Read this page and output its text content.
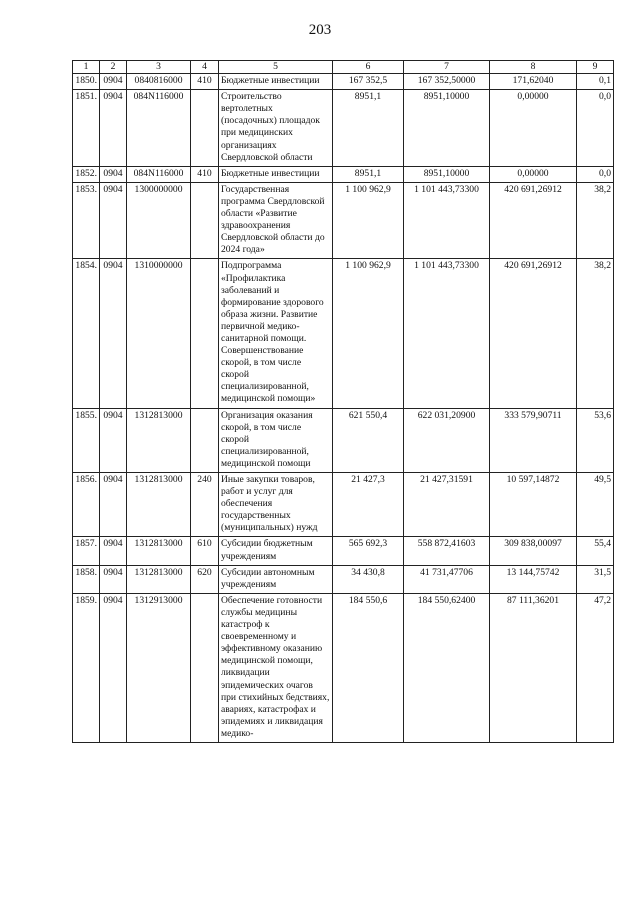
203
1	2	3	4	5	6	7	8	9
1850.	0904	0840816000	410	Бюджетные инвестиции	167 352,5	167 352,50000	171,62040	0,1
1851.	0904	084N116000		Строительство вертолетных (посадочных) площадок при медицинских организациях Свердловской области	8951,1	8951,10000	0,00000	0,0
1852.	0904	084N116000	410	Бюджетные инвестиции	8951,1	8951,10000	0,00000	0,0
1853.	0904	1300000000		Государственная программа Свердловской области «Развитие здравоохранения Свердловской области до 2024 года»	1 100 962,9	1 101 443,73300	420 691,26912	38,2
1854.	0904	1310000000		Подпрограмма «Профилактика заболеваний и формирование здорового образа жизни. Развитие первичной медико-санитарной помощи. Совершенствование скорой, в том числе скорой специализированной, медицинской помощи»	1 100 962,9	1 101 443,73300	420 691,26912	38,2
1855.	0904	1312813000		Организация оказания скорой, в том числе скорой специализированной, медицинской помощи	621 550,4	622 031,20900	333 579,90711	53,6
1856.	0904	1312813000	240	Иные закупки товаров, работ и услуг для обеспечения государственных (муниципальных) нужд	21 427,3	21 427,31591	10 597,14872	49,5
1857.	0904	1312813000	610	Субсидии бюджетным учреждениям	565 692,3	558 872,41603	309 838,00097	55,4
1858.	0904	1312813000	620	Субсидии автономным учреждениям	34 430,8	41 731,47706	13 144,75742	31,5
1859.	0904	1312913000		Обеспечение готовности службы медицины катастроф к своевременному и эффективному оказанию медицинской помощи, ликвидации эпидемических очагов при стихийных бедствиях, авариях, катастрофах и эпидемиях и ликвидация медико-	184 550,6	184 550,62400	87 111,36201	47,2
